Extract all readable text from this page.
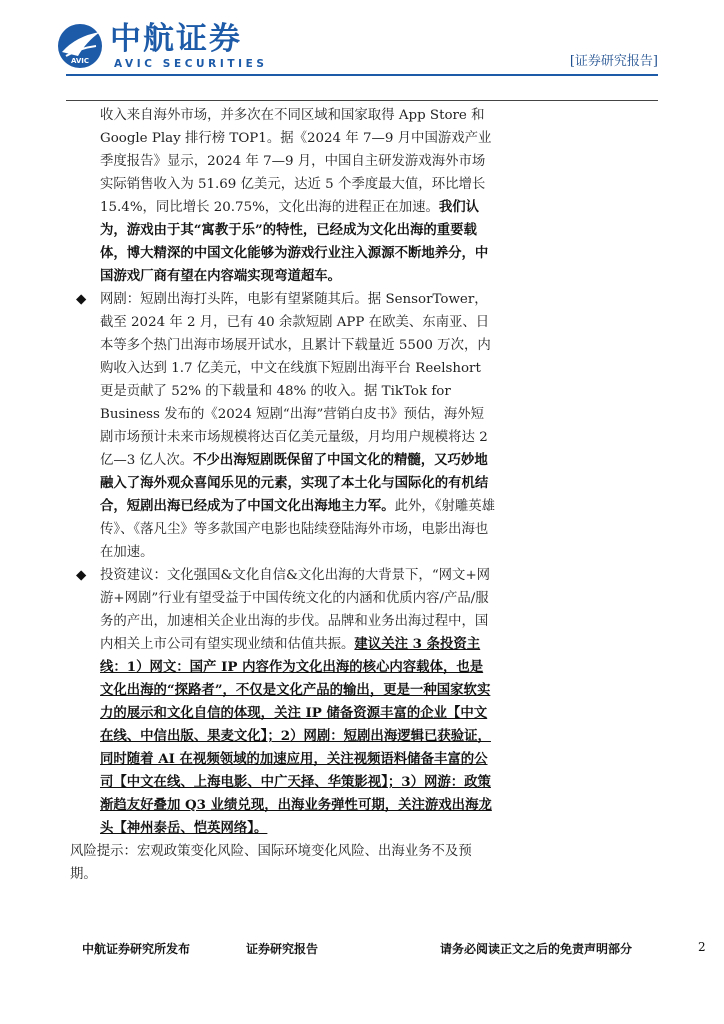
AVIC
中航证券
AVIC SECURITIES	[证券研究报告]

收入来自海外市场，并多次在不同区域和国家取得 App Store 和 Google Play 排行榜 TOP1。据《2024 年 7—9 月中国游戏产业季度报告》显示，2024 年 7—9 月，中国自主研发游戏海外市场实际销售收入为 51.69 亿美元，达近 5 个季度最大值，环比增长 15.4%，同比增长 20.75%，文化出海的进程正在加速。我们认为，游戏由于其“寓教于乐”的特性，已经成为文化出海的重要载体，博大精深的中国文化能够为游戏行业注入源源不断地养分，中国游戏厂商有望在内容端实现弯道超车。

◆	网剧：短剧出海打头阵，电影有望紧随其后。据 SensorTower，截至 2024 年 2 月，已有 40 余款短剧 APP 在欧美、东南亚、日本等多个热门出海市场展开试水，且累计下载量近 5500 万次，内购收入达到 1.7 亿美元，中文在线旗下短剧出海平台 Reelshort 更是贡献了 52% 的下载量和 48% 的收入。据 TikTok for Business 发布的《2024 短剧“出海”营销白皮书》预估，海外短剧市场预计未来市场规模将达百亿美元量级，月均用户规模将达 2 亿—3 亿人次。不少出海短剧既保留了中国文化的精髓，又巧妙地融入了海外观众喜闻乐见的元素，实现了本土化与国际化的有机结合，短剧出海已经成为了中国文化出海地主力军。此外，《射雕英雄传》、《落凡尘》等多款国产电影也陆续登陆海外市场，电影出海也在加速。

◆	投资建议：文化强国&文化自信&文化出海的大背景下，“网文+网游+网剧”行业有望受益于中国传统文化的内涵和优质内容/产品/服务的产出，加速相关企业出海的步伐。品牌和业务出海过程中，国内相关上市公司有望实现业绩和估值共振。建议关注 3 条投资主线：1）网文：国产 IP 内容作为文化出海的核心内容载体，也是文化出海的“探路者”，不仅是文化产品的输出，更是一种国家软实力的展示和文化自信的体现，关注 IP 储备资源丰富的企业【中文在线、中信出版、果麦文化】；2）网剧：短剧出海逻辑已获验证，同时随着 AI 在视频领域的加速应用，关注视频语料储备丰富的公司【中文在线、上海电影、中广天择、华策影视】；3）网游：政策渐趋友好叠加 Q3 业绩兑现，出海业务弹性可期，关注游戏出海龙头【神州泰岳、恺英网络】。

风险提示：宏观政策变化风险、国际环境变化风险、出海业务不及预期。

中航证券研究所发布	证券研究报告	请务必阅读正文之后的免责声明部分	2
